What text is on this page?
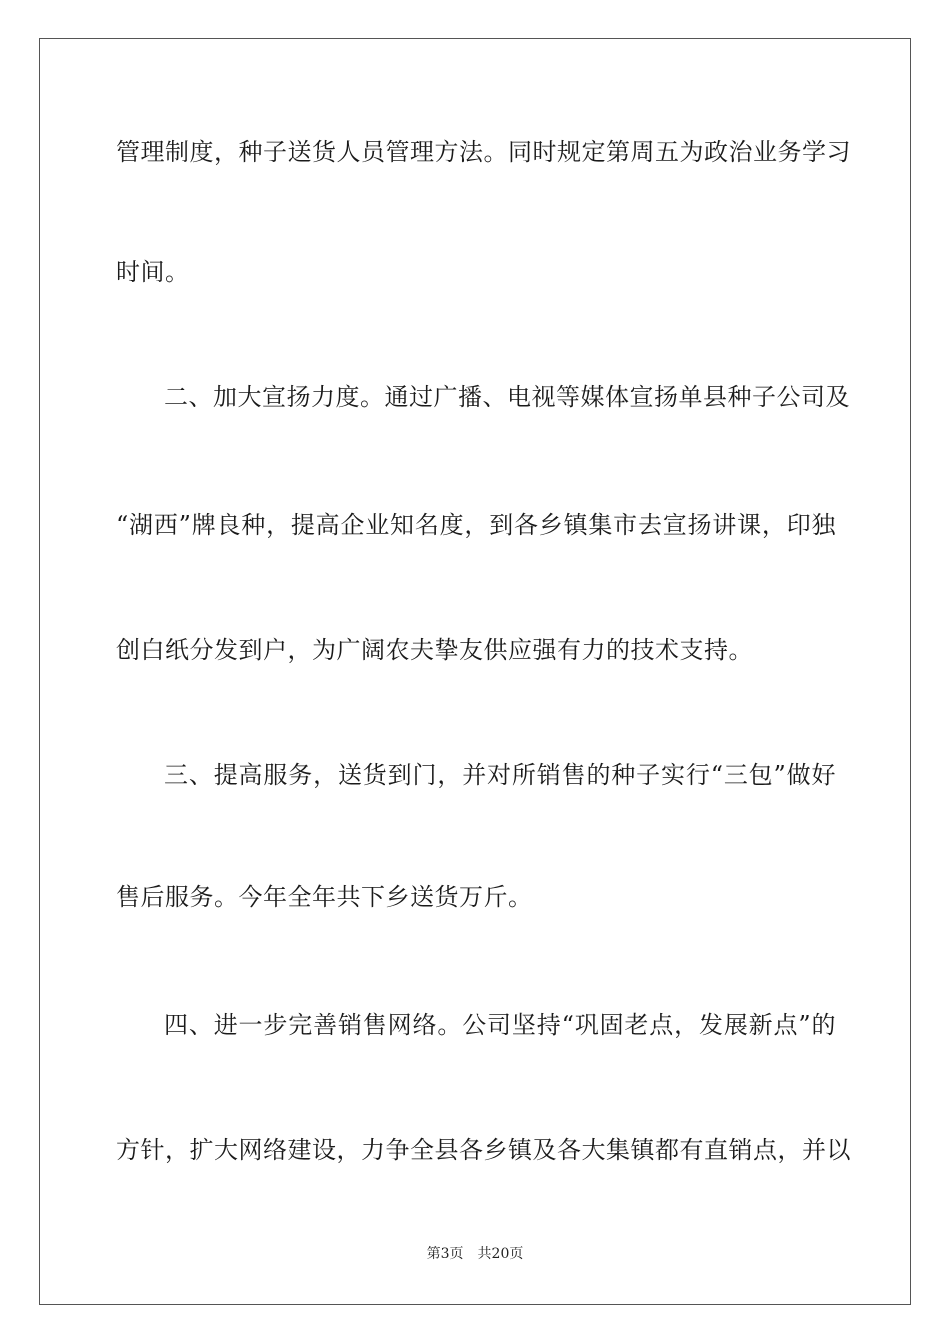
管理制度，种子送货人员管理方法。同时规定第周五为政治业务学习
时间。
二、加大宣扬力度。通过广播、电视等媒体宣扬单县种子公司及
“湖西”牌良种，提高企业知名度，到各乡镇集市去宣扬讲课，印独
创白纸分发到户，为广阔农夫挚友供应强有力的技术支持。
三、提高服务，送货到门，并对所销售的种子实行“三包”做好
售后服务。今年全年共下乡送货万斤。
四、进一步完善销售网络。公司坚持“巩固老点，发展新点”的
方针，扩大网络建设，力争全县各乡镇及各大集镇都有直销点，并以
第3页 共20页
